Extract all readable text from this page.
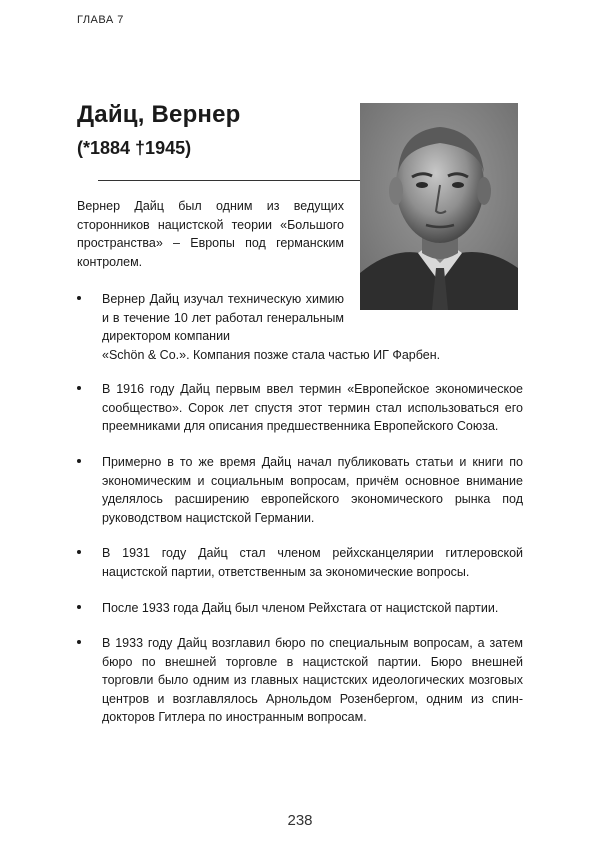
ГЛАВА 7
Дайц, Вернер
(*1884 †1945)
Вернер Дайц был одним из ведущих сторонников нацистской теории «Большого пространства» – Европы под германским контролем.
Вернер Дайц изучал техническую химию и в течение 10 лет работал генеральным директором компании
«Schön & Co.». Компания позже стала частью ИГ Фарбен.
В 1916 году Дайц первым ввел термин «Европейское экономическое сообщество». Сорок лет спустя этот термин стал использоваться его преемниками для описания предшественника Европейского Союза.
Примерно в то же время Дайц начал публиковать статьи и книги по экономическим и социальным вопросам, причём основное внимание уделялось расширению европейского экономического рынка под руководством нацистской Германии.
В 1931 году Дайц стал членом рейхсканцелярии гитлеровской нацистской партии, ответственным за экономические вопросы.
После 1933 года Дайц был членом Рейхстага от нацистской партии.
В 1933 году Дайц возглавил бюро по специальным вопросам, а затем бюро по внешней торговле в нацистской партии. Бюро внешней торговли было одним из главных нацистских идеологических мозговых центров и возглавлялось Арнольдом Розенбергом, одним из спин-докторов Гитлера по иностранным вопросам.
238
